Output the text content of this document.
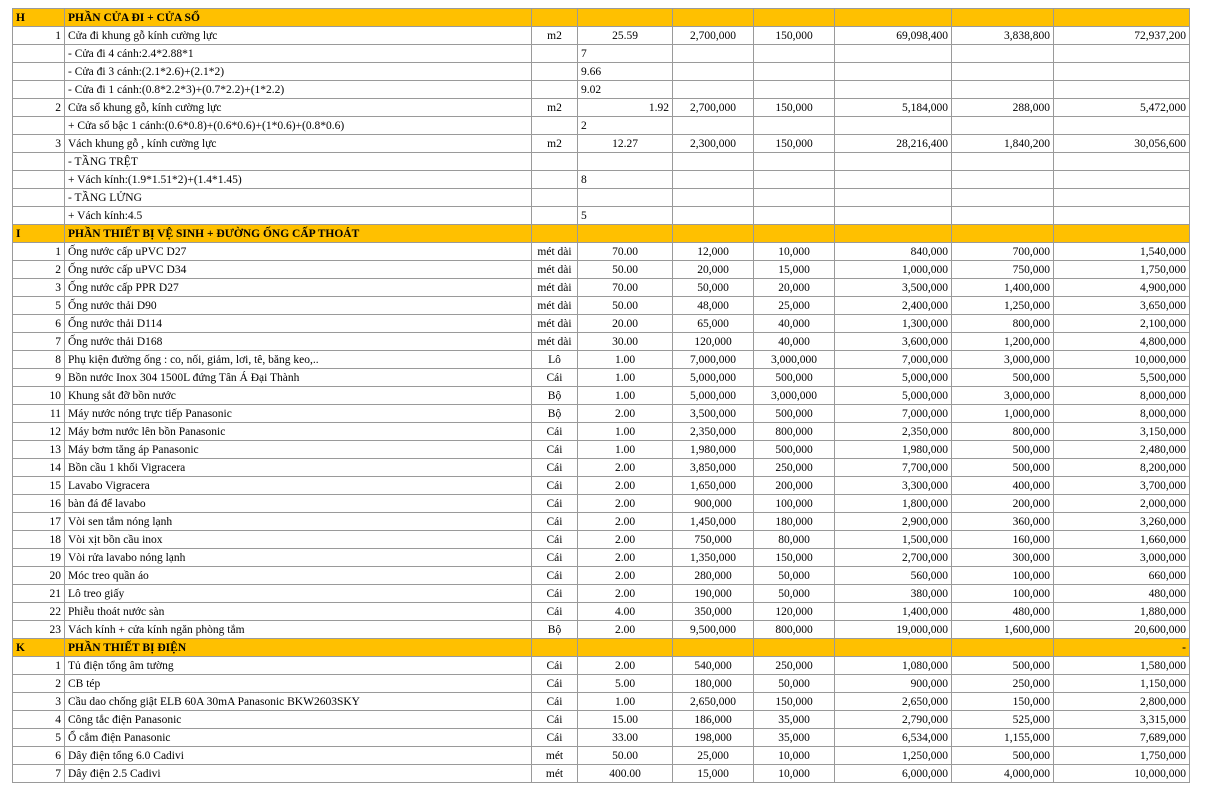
H	PHẦN CỬA ĐI + CỬA SỔ							
1	Cửa đi khung gỗ kính cường lực	m2	25.59	2,700,000	150,000	69,098,400	3,838,800	72,937,200
	- Cửa đi 4 cánh:2.4*2.88*1		7					
	- Cửa đi 3 cánh:(2.1*2.6)+(2.1*2)		9.66					
	- Cửa đi 1 cánh:(0.8*2.2*3)+(0.7*2.2)+(1*2.2)		9.02					
2	Cửa sổ khung gỗ, kính cường lực	m2	1.92	2,700,000	150,000	5,184,000	288,000	5,472,000
	+ Cửa sổ bậc 1 cánh:(0.6*0.8)+(0.6*0.6)+(1*0.6)+(0.8*0.6)		2					
3	Vách khung gỗ , kính cường lực	m2	12.27	2,300,000	150,000	28,216,400	1,840,200	30,056,600
	- TẦNG TRỆT							
	+ Vách kính:(1.9*1.51*2)+(1.4*1.45)		8					
	- TẦNG LỬNG							
	+ Vách kính:4.5		5					
I	PHẦN THIẾT BỊ VỆ SINH + ĐƯỜNG ỐNG CẤP THOÁT							
1	Ống nước cấp uPVC D27	mét dài	70.00	12,000	10,000	840,000	700,000	1,540,000
2	Ống nước cấp uPVC D34	mét dài	50.00	20,000	15,000	1,000,000	750,000	1,750,000
3	Ống nước cấp PPR D27	mét dài	70.00	50,000	20,000	3,500,000	1,400,000	4,900,000
5	Ống nước thải D90	mét dài	50.00	48,000	25,000	2,400,000	1,250,000	3,650,000
6	Ống nước thải D114	mét dài	20.00	65,000	40,000	1,300,000	800,000	2,100,000
7	Ống nước thải D168	mét dài	30.00	120,000	40,000	3,600,000	1,200,000	4,800,000
8	Phụ kiện đường ống : co, nối, giảm, lơi, tê, băng keo,..	Lô	1.00	7,000,000	3,000,000	7,000,000	3,000,000	10,000,000
9	Bồn nước Inox 304 1500L đứng Tân Á Đại Thành	Cái	1.00	5,000,000	500,000	5,000,000	500,000	5,500,000
10	Khung sắt đỡ bồn nước	Bộ	1.00	5,000,000	3,000,000	5,000,000	3,000,000	8,000,000
11	Máy nước nóng trực tiếp Panasonic	Bộ	2.00	3,500,000	500,000	7,000,000	1,000,000	8,000,000
12	Máy bơm nước lên bồn Panasonic	Cái	1.00	2,350,000	800,000	2,350,000	800,000	3,150,000
13	Máy bơm tăng áp Panasonic	Cái	1.00	1,980,000	500,000	1,980,000	500,000	2,480,000
14	Bồn cầu 1 khối Vigracera	Cái	2.00	3,850,000	250,000	7,700,000	500,000	8,200,000
15	Lavabo Vigracera	Cái	2.00	1,650,000	200,000	3,300,000	400,000	3,700,000
16	bàn đá để lavabo	Cái	2.00	900,000	100,000	1,800,000	200,000	2,000,000
17	Vòi sen tắm nóng lạnh	Cái	2.00	1,450,000	180,000	2,900,000	360,000	3,260,000
18	Vòi xịt bồn cầu inox	Cái	2.00	750,000	80,000	1,500,000	160,000	1,660,000
19	Vòi rửa lavabo nóng lạnh	Cái	2.00	1,350,000	150,000	2,700,000	300,000	3,000,000
20	Móc treo quần áo	Cái	2.00	280,000	50,000	560,000	100,000	660,000
21	Lô treo giấy	Cái	2.00	190,000	50,000	380,000	100,000	480,000
22	Phiễu thoát nước sàn	Cái	4.00	350,000	120,000	1,400,000	480,000	1,880,000
23	Vách kính + cửa kính ngăn phòng tắm	Bộ	2.00	9,500,000	800,000	19,000,000	1,600,000	20,600,000
K	PHẦN THIẾT BỊ ĐIỆN							-
1	Tủ điện tổng âm tường	Cái	2.00	540,000	250,000	1,080,000	500,000	1,580,000
2	CB tép	Cái	5.00	180,000	50,000	900,000	250,000	1,150,000
3	Cầu dao chống giật ELB 60A 30mA Panasonic BKW2603SKY	Cái	1.00	2,650,000	150,000	2,650,000	150,000	2,800,000
4	Công tắc điện Panasonic	Cái	15.00	186,000	35,000	2,790,000	525,000	3,315,000
5	Ổ cắm điện Panasonic	Cái	33.00	198,000	35,000	6,534,000	1,155,000	7,689,000
6	Dây điện tổng 6.0 Cadivi	mét	50.00	25,000	10,000	1,250,000	500,000	1,750,000
7	Dây điện 2.5 Cadivi	mét	400.00	15,000	10,000	6,000,000	4,000,000	10,000,000
